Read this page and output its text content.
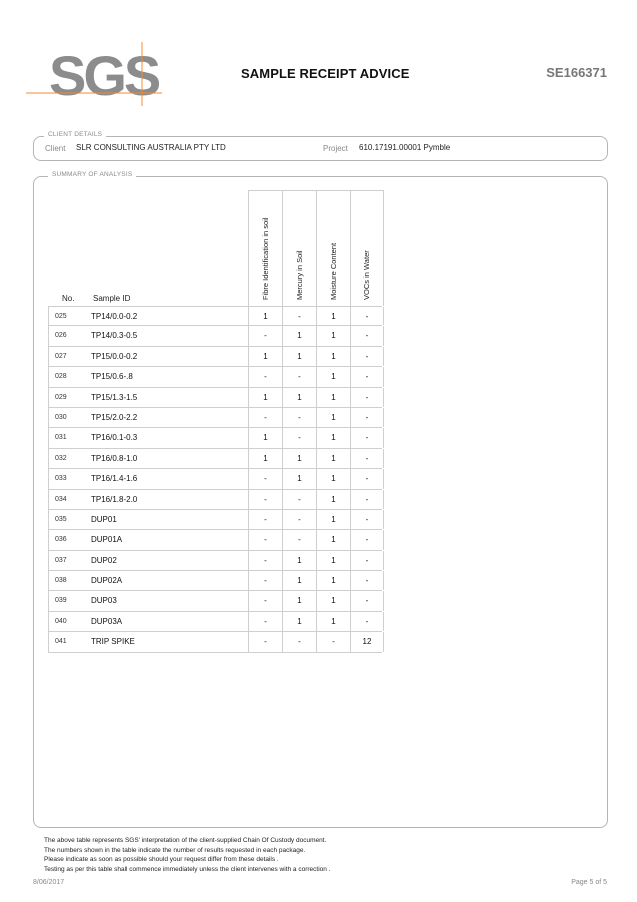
SGS	SAMPLE RECEIPT ADVICE	SE166371
CLIENT DETAILS
Client SLR CONSULTING AUSTRALIA PTY LTD	Project 610.17191.00001 Pymble
SUMMARY OF ANALYSIS
No. Sample ID	Fibre Identification in soil	Mercury in Soil	Moisture Content	VOCs in Water
025	TP14/0.0-0.2	1	-	1	-
026	TP14/0.3-0.5	-	1	1	-
027	TP15/0.0-0.2	1	1	1	-
028	TP15/0.6-.8	-	-	1	-
029	TP15/1.3-1.5	1	1	1	-
030	TP15/2.0-2.2	-	-	1	-
031	TP16/0.1-0.3	1	-	1	-
032	TP16/0.8-1.0	1	1	1	-
033	TP16/1.4-1.6	-	1	1	-
034	TP16/1.8-2.0	-	-	1	-
035	DUP01	-	-	1	-
036	DUP01A	-	-	1	-
037	DUP02	-	1	1	-
038	DUP02A	-	1	1	-
039	DUP03	-	1	1	-
040	DUP03A	-	1	1	-
041	TRIP SPIKE	-	-	-	12
The above table represents SGS' interpretation of the client-supplied Chain Of Custody document.
The numbers shown in the table indicate the number of results requested in each package.
Please indicate as soon as possible should your request differ from these details .
Testing as per this table shall commence immediately unless the client intervenes with a correction .
8/06/2017	Page 5 of 5
